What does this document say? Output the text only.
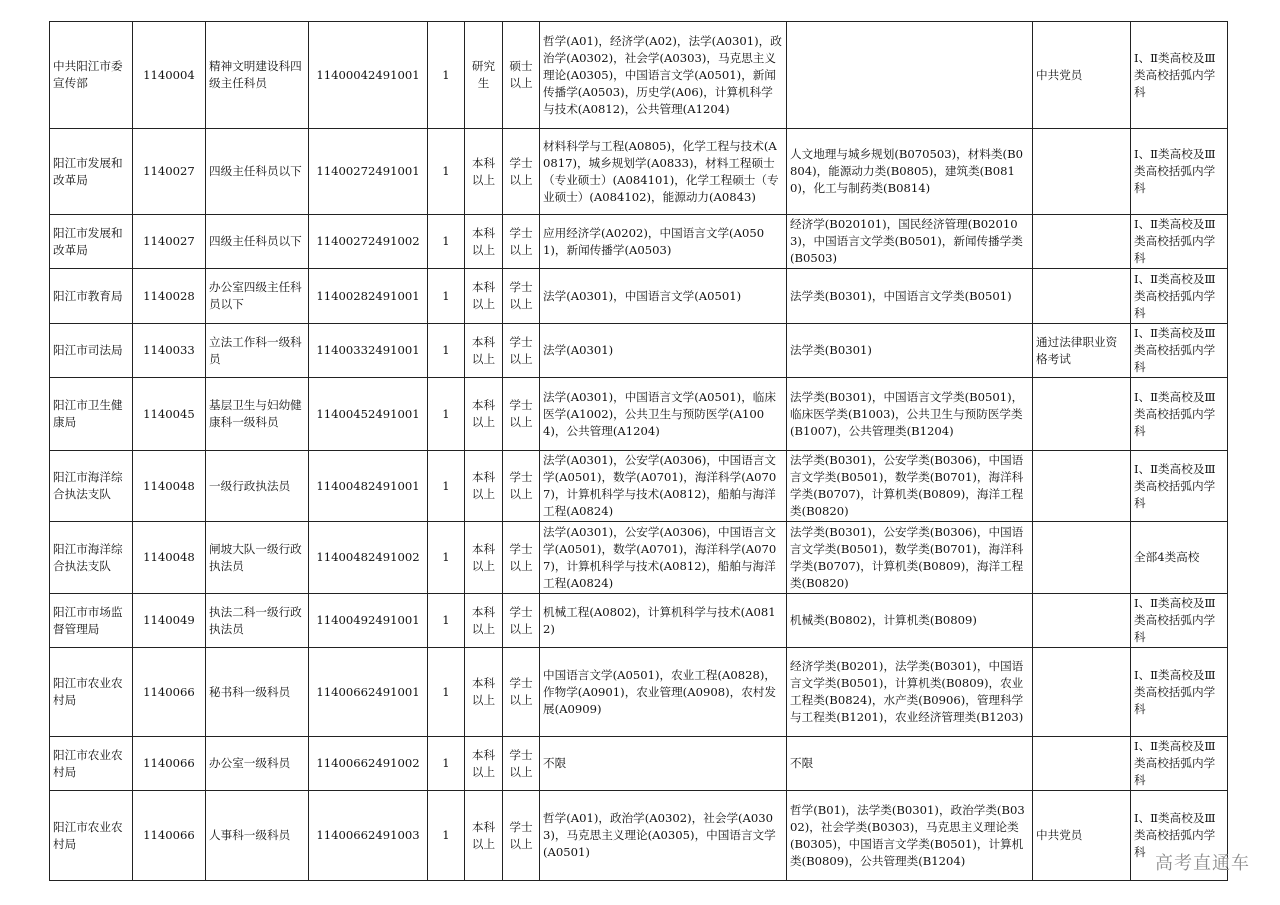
中共阳江市委宣传部	1140004	精神文明建设科四级主任科员	11400042491001	1	研究生	硕士以上	哲学(A01)，经济学(A02)，法学(A0301)，政治学(A0302)，社会学(A0303)，马克思主义理论(A0305)，中国语言文学(A0501)，新闻传播学(A0503)，历史学(A06)，计算机科学与技术(A0812)，公共管理(A1204)		中共党员	Ⅰ、Ⅱ类高校及Ⅲ类高校括弧内学科
阳江市发展和改革局	1140027	四级主任科员以下	11400272491001	1	本科以上	学士以上	材料科学与工程(A0805)，化学工程与技术(A0817)，城乡规划学(A0833)，材料工程硕士（专业硕士）(A084101)，化学工程硕士（专业硕士）(A084102)，能源动力(A0843)	人文地理与城乡规划(B070503)，材料类(B0804)，能源动力类(B0805)，建筑类(B0810)，化工与制药类(B0814)		Ⅰ、Ⅱ类高校及Ⅲ类高校括弧内学科
阳江市发展和改革局	1140027	四级主任科员以下	11400272491002	1	本科以上	学士以上	应用经济学(A0202)，中国语言文学(A0501)，新闻传播学(A0503)	经济学(B020101)，国民经济管理(B020103)，中国语言文学类(B0501)，新闻传播学类(B0503)		Ⅰ、Ⅱ类高校及Ⅲ类高校括弧内学科
阳江市教育局	1140028	办公室四级主任科员以下	11400282491001	1	本科以上	学士以上	法学(A0301)，中国语言文学(A0501)	法学类(B0301)，中国语言文学类(B0501)		Ⅰ、Ⅱ类高校及Ⅲ类高校括弧内学科
阳江市司法局	1140033	立法工作科一级科员	11400332491001	1	本科以上	学士以上	法学(A0301)	法学类(B0301)	通过法律职业资格考试	Ⅰ、Ⅱ类高校及Ⅲ类高校括弧内学科
阳江市卫生健康局	1140045	基层卫生与妇幼健康科一级科员	11400452491001	1	本科以上	学士以上	法学(A0301)，中国语言文学(A0501)，临床医学(A1002)，公共卫生与预防医学(A1004)，公共管理(A1204)	法学类(B0301)，中国语言文学类(B0501)，临床医学类(B1003)，公共卫生与预防医学类(B1007)，公共管理类(B1204)		Ⅰ、Ⅱ类高校及Ⅲ类高校括弧内学科
阳江市海洋综合执法支队	1140048	一级行政执法员	11400482491001	1	本科以上	学士以上	法学(A0301)，公安学(A0306)，中国语言文学(A0501)，数学(A0701)，海洋科学(A0707)，计算机科学与技术(A0812)，船舶与海洋工程(A0824)	法学类(B0301)，公安学类(B0306)，中国语言文学类(B0501)，数学类(B0701)，海洋科学类(B0707)，计算机类(B0809)，海洋工程类(B0820)		Ⅰ、Ⅱ类高校及Ⅲ类高校括弧内学科
阳江市海洋综合执法支队	1140048	闸坡大队一级行政执法员	11400482491002	1	本科以上	学士以上	法学(A0301)，公安学(A0306)，中国语言文学(A0501)，数学(A0701)，海洋科学(A0707)，计算机科学与技术(A0812)，船舶与海洋工程(A0824)	法学类(B0301)，公安学类(B0306)，中国语言文学类(B0501)，数学类(B0701)，海洋科学类(B0707)，计算机类(B0809)，海洋工程类(B0820)		全部4类高校
阳江市市场监督管理局	1140049	执法二科一级行政执法员	11400492491001	1	本科以上	学士以上	机械工程(A0802)，计算机科学与技术(A0812)	机械类(B0802)，计算机类(B0809)		Ⅰ、Ⅱ类高校及Ⅲ类高校括弧内学科
阳江市农业农村局	1140066	秘书科一级科员	11400662491001	1	本科以上	学士以上	中国语言文学(A0501)，农业工程(A0828)，作物学(A0901)，农业管理(A0908)，农村发展(A0909)	经济学类(B0201)，法学类(B0301)，中国语言文学类(B0501)，计算机类(B0809)，农业工程类(B0824)，水产类(B0906)，管理科学与工程类(B1201)，农业经济管理类(B1203)		Ⅰ、Ⅱ类高校及Ⅲ类高校括弧内学科
阳江市农业农村局	1140066	办公室一级科员	11400662491002	1	本科以上	学士以上	不限	不限		Ⅰ、Ⅱ类高校及Ⅲ类高校括弧内学科
阳江市农业农村局	1140066	人事科一级科员	11400662491003	1	本科以上	学士以上	哲学(A01)，政治学(A0302)，社会学(A0303)，马克思主义理论(A0305)，中国语言文学(A0501)	哲学(B01)，法学类(B0301)，政治学类(B0302)，社会学类(B0303)，马克思主义理论类(B0305)，中国语言文学类(B0501)，计算机类(B0809)，公共管理类(B1204)	中共党员	Ⅰ、Ⅱ类高校及Ⅲ类高校括弧内学科
高考直通车
